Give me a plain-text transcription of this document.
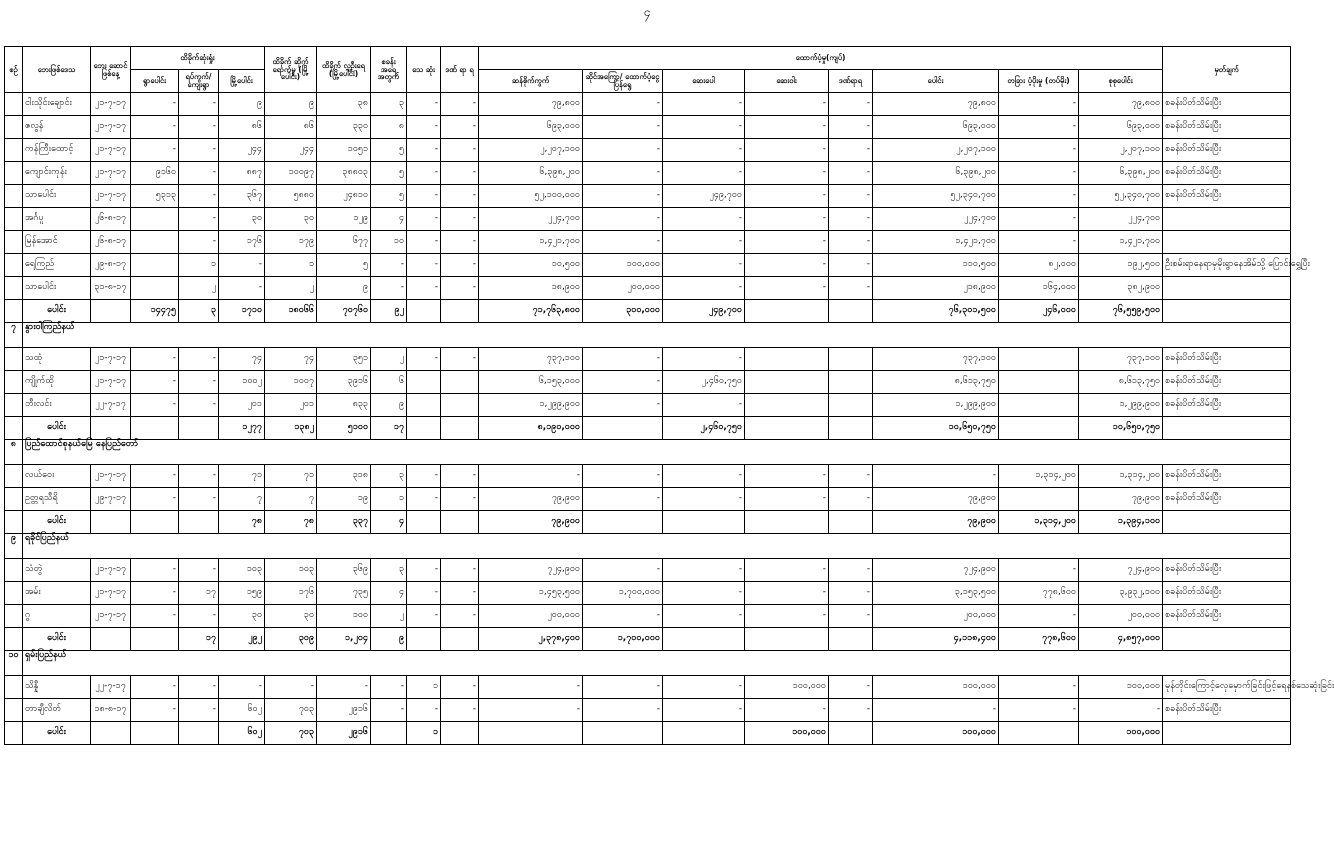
၄
စဥ်	ဘေးဖြစ်ဒေသ	ဘေး ဆောင် ဖြစ်နေ့	ထိခိုက်ဆုံးရှုံး			ထိခိုက် ဆိုက် ရောက်မှု (မြို့ပေါင်း)	ထိခိုက် လူဦးရေ (မြို့ပေါင်း)	စခန်း အရေ အတွက်	သေ ဆုံး	ဒဏ် ရာ ရ	ထောက်ပံ့မှု(ကျပ်)								မှတ်ချက်
			ရွာပေါင်း	ရပ်ကွက်/ ကျေးရွာ	မြို့ပေါင်း						ဆန်စိုက်ကွက်	ဆိုင်အကြော/ ထောက်ပံ့ငွေ ပြန်ရွေ	ဆေးပေါ	ဆေးဝါး	ဒဏ်ရာရ	ပေါင်း	တခြား ပံ့ပိုးမှု (တပ်မိုး)	စုစုပေါင်း	
	ငါးသိုင်းချောင်း	၂၁-၇-၁၇	-	-	၉	၉	၃၈	၃	-	-	၇၉,၈၀၀	-	-	-	-	၇၉,၈၀၀	-	၇၉,၈၀၀	စခန်းပိတ်သိမ်းပြီး
	ဇလွန်	၂၁-၇-၁၇	-	-	၈၆	၈၆	၃၃၀	၈	-	-	၆၉၃,၀၀၀	-	-	-	-	၆၉၃,၀၀၀	-	၆၉၃,၀၀၀	စခန်းပိတ်သိမ်းပြီး
	ကန်ကြီးထောင့်	၂၁-၇-၁၇	-	-	၂၄၄	၂၄၄	၁၀၅၁	၅	-	-	၂,၂၀၇,၁၀၀	-	-	-	-	၂,၂၀၇,၁၀၀	-	၂,၂၀၇,၁၀၀	စခန်းပိတ်သိမ်းပြီး
	ကျောင်းကုန်း	၂၁-၇-၁၇	၉၁၆၀	-	၈၈၇	၁၀၀၉၇	၃၈၈၀၃	၅	-	-	၆,၃၉၈,၂၀၀	-	-	-	-	၆,၃၉၈,၂၀၀	-	၆,၃၉၈,၂၀၀	စခန်းပိတ်သိမ်းပြီး
	သာပေါင်း	၂၁-၇-၁၇	၅၃၁၃	-	၃၆၇	၅၈၈၀	၂၄၈၁၀	၅	-	-	၅၂,၁၀၀,၀၀၀	-	၂၄၉,၇၀၀	-	-	၅၂,၃၄၀,၇၀၀	-	၅၂,၃၄၀,၇၀၀	စခန်းပိတ်သိမ်းပြီး
	အင်္ဂပူ	၂၆-၈-၁၇		-	၃၀	၃၀	၁၂၉	၄	-	-	၂၂၄,၇၀၀	-	-	-	-	၂၂၄,၇၀၀	-	၂၂၄,၇၀၀	
	မြန်အောင်	၂၆-၈-၁၇		-	၁၇၆	၁၇၉	၆၇၇	၁၀	-	-	၁,၄၂၁,၇၀၀	-	-	-	-	၁,၄၂၁,၇၀၀	-	၁,၄၂၁,၇၀၀	
	ရေကြည်	၂၉-၈-၁၇		၁	-	၁	၅	-	-	-	၁၀,၅၀၀	၁၀၀,၀၀၀	-	-	-	၁၁၀,၅၀၀	၈၂,၀၀၀	၁၉၂,၅၀၀	ဦးစမ်းရာနေရာမှမိုးရွာနေအိမ်သို့ ပြောင်းရွှေ့ပြီး
	သာပေါင်း	၃၁-၈-၁၇		၂	-	၂	၉	-	-	-	၁၈,၉၀၀	၂၀၀,၀၀၀	-	-	-	၂၁၈,၉၀၀	၁၆၄,၀၀၀	၃၈၂,၉၀၀	
	ပေါင်း		၁၄၄၇၅	၃	၁၇၁၀	၁၈၀၆၆	၇၀၇၆၀	၉၂			၇၁,၇၆၃,၈၀၀	၃၀၀,၀၀၀	၂၄၉,၇၀၀			၇၆,၃၀၁,၅၀၀	၂၄၆,၀၀၀	၇၆,၅၅၉,၅၀၀	
၇	နွားဝါကြည်နယ်																		
	သထုံ	၂၁-၇-၁၇	-	-	၇၄	၇၄	၃၅၁	၂	-	-	၇၃၇,၁၀၀	-	-			၇၃၇,၁၀၀		၇၃၇,၁၀၀	စခန်းပိတ်သိမ်းပြီး
	ကျိုက်ထို	၂၁-၇-၁၇	-	-	၁၀၀၂	၁၀၀၇	၃၉၁၆	၆			၆,၁၅၃,၀၀၀	-	၂,၄၆၀,၇၅၀			၈,၆၁၃,၇၅၀		၈,၆၁၃,၇၅၀	စခန်းပိတ်သိမ်းပြီး
	ဘီးလင်း	၂၂-၇-၁၇	-	-	၂၀၁	၂၀၁	၈၃၃	၉			၁,၂၉၉,၉၀၀	-	-			၁,၂၉၉,၉၀၀		၁,၂၉၉,၉၀၀	စခန်းပိတ်သိမ်းပြီး
	ပေါင်း				၁၂၇၇	၁၃၈၂	၅၁၀၀	၁၇			၈,၁၉၀,၀၀၀		၂,၄၆၀,၇၅၀			၁၀,၆၅၀,၇၅၀		၁၀,၆၅၀,၇၅၀	
၈	ပြည်ထောင်စုနယ်မြေ နေပြည်တော်																		
	လယ်ဝေး	၂၁-၇-၁၇	-	-	၇၁	၇၁	၃၁၈	၃	-	-	-	-	-	-	-	-	၁,၃၁၄,၂၀၀	၁,၃၁၄,၂၀၀	စခန်းပိတ်သိမ်းပြီး
	ဥတ္တရသီရိ	၂၉-၇-၁၇	-	-	၇	၇	၁၉	၁	-	-	၇၉,၉၀၀	-	-	-	-	၇၉,၉၀၀		၇၉,၉၀၀	စခန်းပိတ်သိမ်းပြီး
	ပေါင်း				၇၈	၇၈	၃၃၇	၄			၇၉,၉၀၀					၇၉,၉၀၀	၁,၃၁၄,၂၀၀	၁,၃၉၄,၁၀၀	
၉	ရခိုင်ပြည်နယ်																		
	သံတွဲ	၂၁-၇-၁၇	-	-	၁၀၃	၁၀၃	၃၆၉	၃	-	-	၇၂၄,၉၀၀	-	-	-	-	၇၂၄,၉၀၀	-	၇၂၄,၉၀၀	စခန်းပိတ်သိမ်းပြီး
	အမ်း	၂၁-၇-၁၇	-	၁၇	၁၅၉	၁၇၆	၇၃၅	၄	-	-	၁,၄၅၃,၅၀၀	၁,၇၀၀,၀၀၀	-	-	-	၃,၁၅၃,၅၀၀	၇၇၈,၆၀၀	၃,၉၃၂,၁၀၀	စခန်းပိတ်သိမ်းပြီး
	ဂွ	၂၁-၇-၁၇	-	-	၃၀	၃၀	၁၀၀	၂	-	-	၂၀၀,၀၀၀	-	-	-	-	၂၀၀,၀၀၀	-	၂၀၀,၀၀၀	စခန်းပိတ်သိမ်းပြီး
	ပေါင်း			၁၇	၂၉၂	၃၀၉	၁,၂၀၄	၉			၂,၃၇၈,၄၀၀	၁,၇၀၀,၀၀၀				၄,၁၁၈,၄၀၀	၇၇၈,၆၀၀	၄,၈၅၇,၀၀၀	
၁၀	ရှမ်းပြည်နယ်																		
	သိန္နီ	၂၂-၇-၁၇	-	-	-	-	-	-	၁	-	-	-	-	၁၀၀,၀၀၀	-	၁၀၀,၀၀၀	-	၁၀၀,၀၀၀	မုန်တိုင်းကြောင့်လှေမှောက်ခြင်းဖြင့်ရေနစ်သေဆုံးခြင်း
	တာချီလိတ်	၁၈-၈-၁၇	-	-	၆၀၂	၇၀၃	၂၉၁၆	-	-	-	-	-	-	-	-	-	-	-	စခန်းပိတ်သိမ်းပြီး
	ပေါင်း				၆၀၂	၇၀၃	၂၉၁၆		၁					၁၀၀,၀၀၀		၁၀၀,၀၀၀		၁၀၀,၀၀၀	
